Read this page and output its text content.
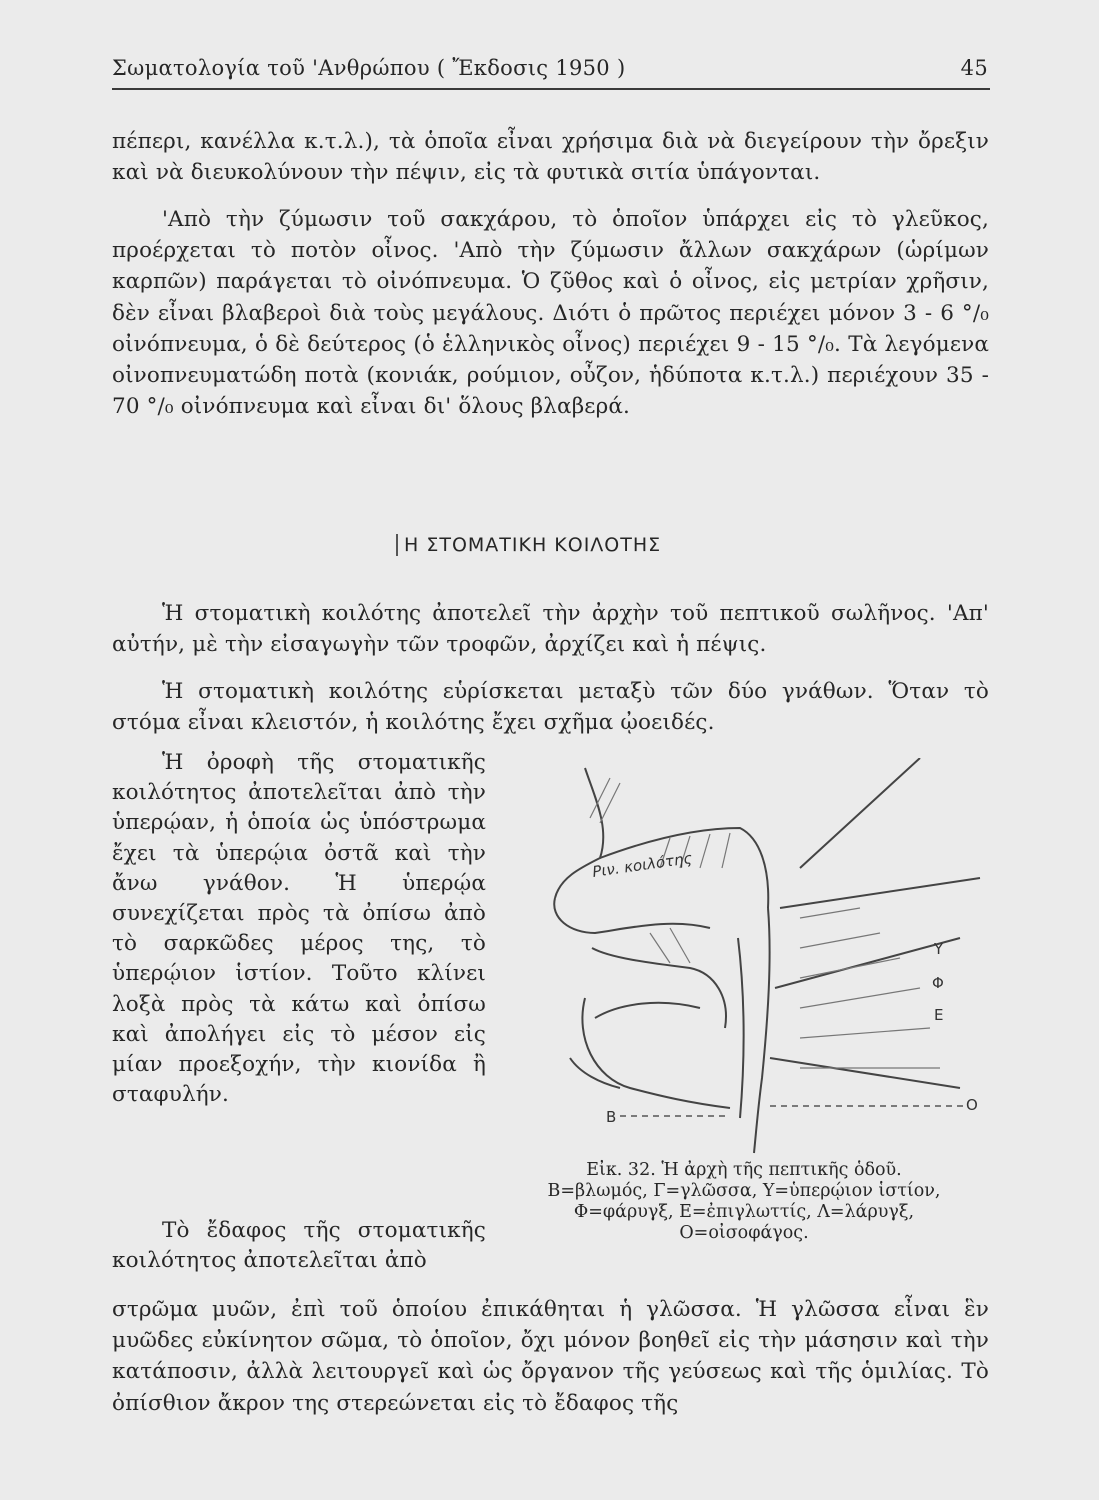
Σωματολογία τοῦ 'Ανθρώπου ( Ἔκδοσις 1950 )	45

πέπερι, κανέλλα κ.τ.λ.), τὰ ὁποῖα εἶναι χρήσιμα διὰ νὰ διεγείρουν τὴν ὄρεξιν καὶ νὰ διευκολύνουν τὴν πέψιν, εἰς τὰ φυτικὰ σιτία ὑπάγονται.

'Απὸ τὴν ζύμωσιν τοῦ σακχάρου, τὸ ὁποῖον ὑπάρχει εἰς τὸ γλεῦκος, προέρχεται τὸ ποτὸν οἶνος. 'Απὸ τὴν ζύμωσιν ἄλλων σακχάρων (ὡρίμων καρπῶν) παράγεται τὸ οἰνόπνευμα. Ὁ ζῦθος καὶ ὁ οἶνος, εἰς μετρίαν χρῆσιν, δὲν εἶναι βλαβεροὶ διὰ τοὺς μεγάλους. Διότι ὁ πρῶτος περιέχει μόνον 3 - 6 °/₀ οἰνόπνευμα, ὁ δὲ δεύτερος (ὁ ἑλληνικὸς οἶνος) περιέχει 9 - 15 °/₀. Τὰ λεγόμενα οἰνοπνευματώδη ποτὰ (κονιάκ, ρούμιον, οὖζον, ἡδύποτα κ.τ.λ.) περιέχουν 35 - 70 °/₀ οἰνόπνευμα καὶ εἶναι δι' ὅλους βλαβερά.

Η ΣΤΟΜΑΤΙΚΗ ΚΟΙΛΟΤΗΣ

Ἡ στοματικὴ κοιλότης ἀποτελεῖ τὴν ἀρχὴν τοῦ πεπτικοῦ σωλῆνος. 'Απ' αὐτήν, μὲ τὴν εἰσαγωγὴν τῶν τροφῶν, ἀρχίζει καὶ ἡ πέψις.

Ἡ στοματικὴ κοιλότης εὑρίσκεται μεταξὺ τῶν δύο γνάθων. Ὅταν τὸ στόμα εἶναι κλειστόν, ἡ κοιλότης ἔχει σχῆμα ᾠοειδές.

Ἡ ὀροφὴ τῆς στοματικῆς κοιλότητος ἀποτελεῖται ἀπὸ τὴν ὑπερῴαν, ἡ ὁποία ὡς ὑπόστρωμα ἔχει τὰ ὑπερῴια ὀστᾶ καὶ τὴν ἄνω γνάθον. Ἡ ὑπερῴα συνεχίζεται πρὸς τὰ ὀπίσω ἀπὸ τὸ σαρκῶδες μέρος της, τὸ ὑπερῴιον ἱστίον. Τοῦτο κλίνει λοξὰ πρὸς τὰ κάτω καὶ ὀπίσω καὶ ἀπολήγει εἰς τὸ μέσον εἰς μίαν προεξοχήν, τὴν κιονίδα ἢ σταφυλήν.

Τὸ ἔδαφος τῆς στοματικῆς κοιλότητος ἀποτελεῖται ἀπὸ

Ριν. κοιλότης
Υ
Φ
Ε
Ο
Β
Εἰκ. 32. Ἡ ἀρχὴ τῆς πεπτικῆς ὁδοῦ.
Β=βλωμός, Γ=γλῶσσα, Υ=ὑπερῴιον ἱστίον,
Φ=φάρυγξ, Ε=ἐπιγλωττίς, Λ=λάρυγξ,
Ο=οἰσοφάγος.

στρῶμα μυῶν, ἐπὶ τοῦ ὁποίου ἐπικάθηται ἡ γλῶσσα. Ἡ γλῶσσα εἶναι ἓν μυῶδες εὐκίνητον σῶμα, τὸ ὁποῖον, ὄχι μόνον βοηθεῖ εἰς τὴν μάσησιν καὶ τὴν κατάποσιν, ἀλλὰ λειτουργεῖ καὶ ὡς ὄργανον τῆς γεύσεως καὶ τῆς ὁμιλίας. Τὸ ὀπίσθιον ἄκρον της στερεώνεται εἰς τὸ ἔδαφος τῆς
